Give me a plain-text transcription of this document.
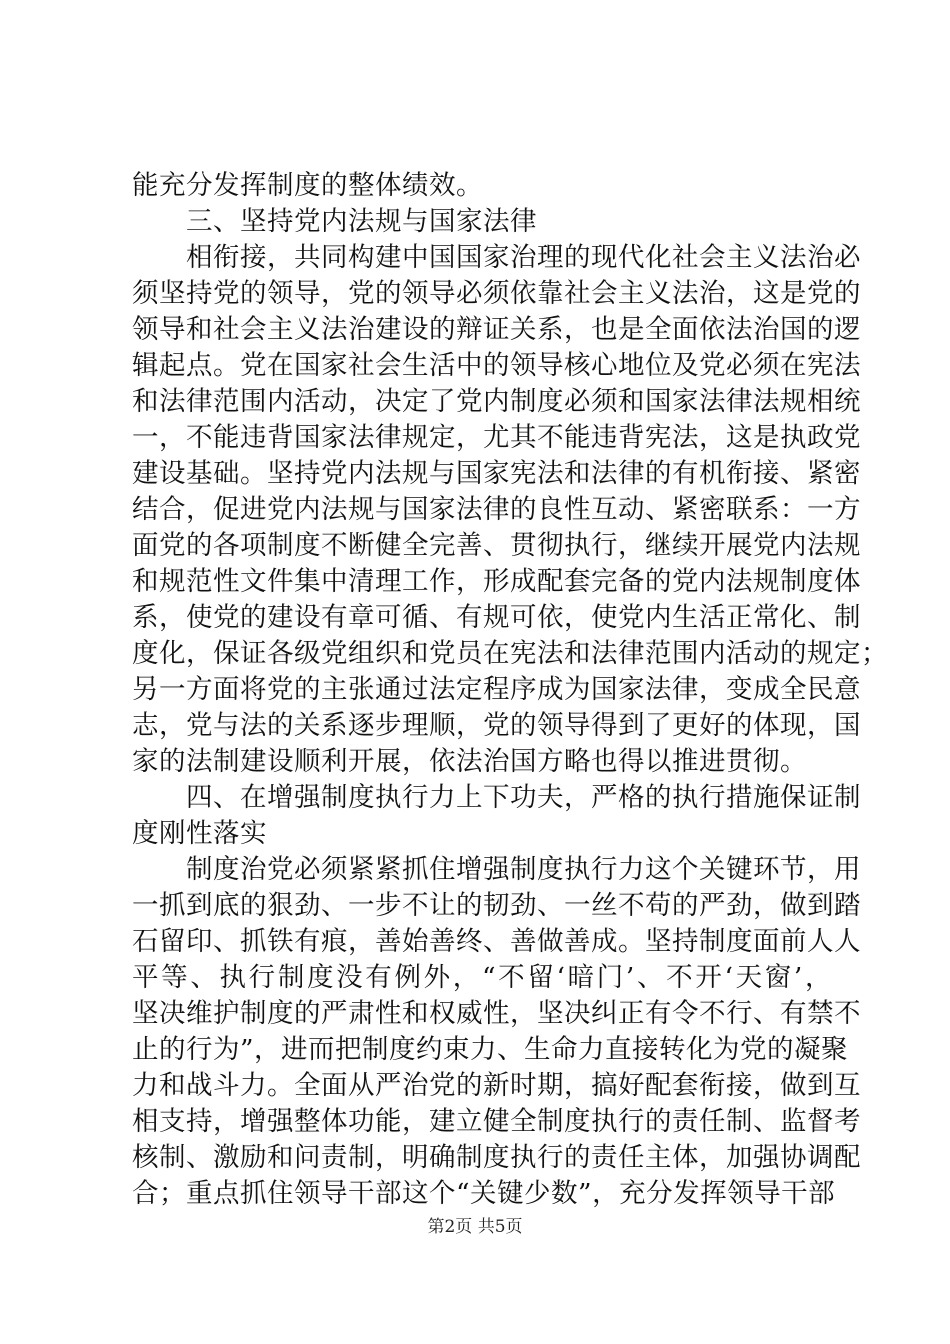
能充分发挥制度的整体绩效。
三、坚持党内法规与国家法律
相衔接，共同构建中国国家治理的现代化社会主义法治必
须坚持党的领导，党的领导必须依靠社会主义法治，这是党的
领导和社会主义法治建设的辩证关系，也是全面依法治国的逻
辑起点。党在国家社会生活中的领导核心地位及党必须在宪法
和法律范围内活动，决定了党内制度必须和国家法律法规相统
一，不能违背国家法律规定，尤其不能违背宪法，这是执政党
建设基础。坚持党内法规与国家宪法和法律的有机衔接、紧密
结合，促进党内法规与国家法律的良性互动、紧密联系：一方
面党的各项制度不断健全完善、贯彻执行，继续开展党内法规
和规范性文件集中清理工作，形成配套完备的党内法规制度体
系，使党的建设有章可循、有规可依，使党内生活正常化、制
度化，保证各级党组织和党员在宪法和法律范围内活动的规定；
另一方面将党的主张通过法定程序成为国家法律，变成全民意
志，党与法的关系逐步理顺，党的领导得到了更好的体现，国
家的法制建设顺利开展，依法治国方略也得以推进贯彻。
四、在增强制度执行力上下功夫，严格的执行措施保证制
度刚性落实
制度治党必须紧紧抓住增强制度执行力这个关键环节，用
一抓到底的狠劲、一步不让的韧劲、一丝不苟的严劲，做到踏
石留印、抓铁有痕，善始善终、善做善成。坚持制度面前人人
平等、执行制度没有例外，“不留‘暗门’、不开‘天窗’，
坚决维护制度的严肃性和权威性，坚决纠正有令不行、有禁不
止的行为”，进而把制度约束力、生命力直接转化为党的凝聚
力和战斗力。全面从严治党的新时期，搞好配套衔接，做到互
相支持，增强整体功能，建立健全制度执行的责任制、监督考
核制、激励和问责制，明确制度执行的责任主体，加强协调配
合；重点抓住领导干部这个“关键少数”，充分发挥领导干部
第2页 共5页
